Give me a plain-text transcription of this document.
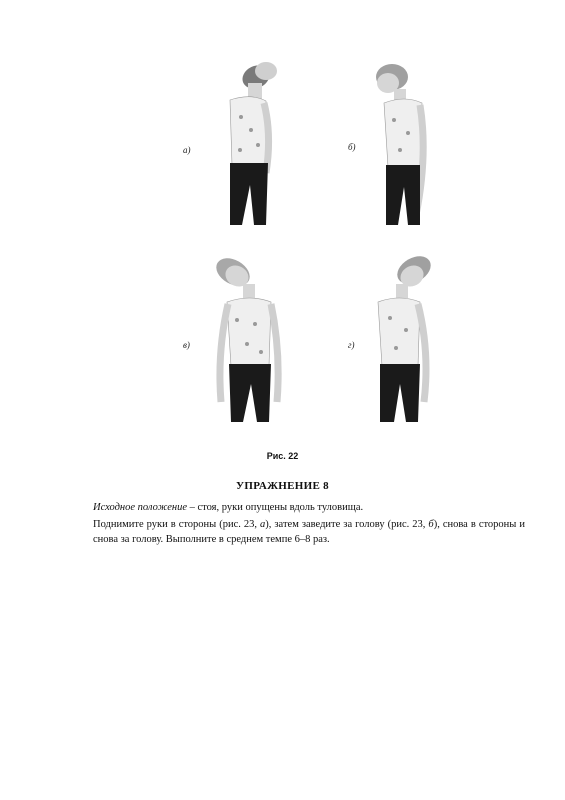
а)	б)
в)	г)
Рис. 22
УПРАЖНЕНИЕ 8
Исходное положение – стоя, руки опущены вдоль туловища.
Поднимите руки в стороны (рис. 23, а), затем заведите за голову (рис. 23, б), снова в стороны и снова за голову. Выполните в среднем темпе 6–8 раз.
